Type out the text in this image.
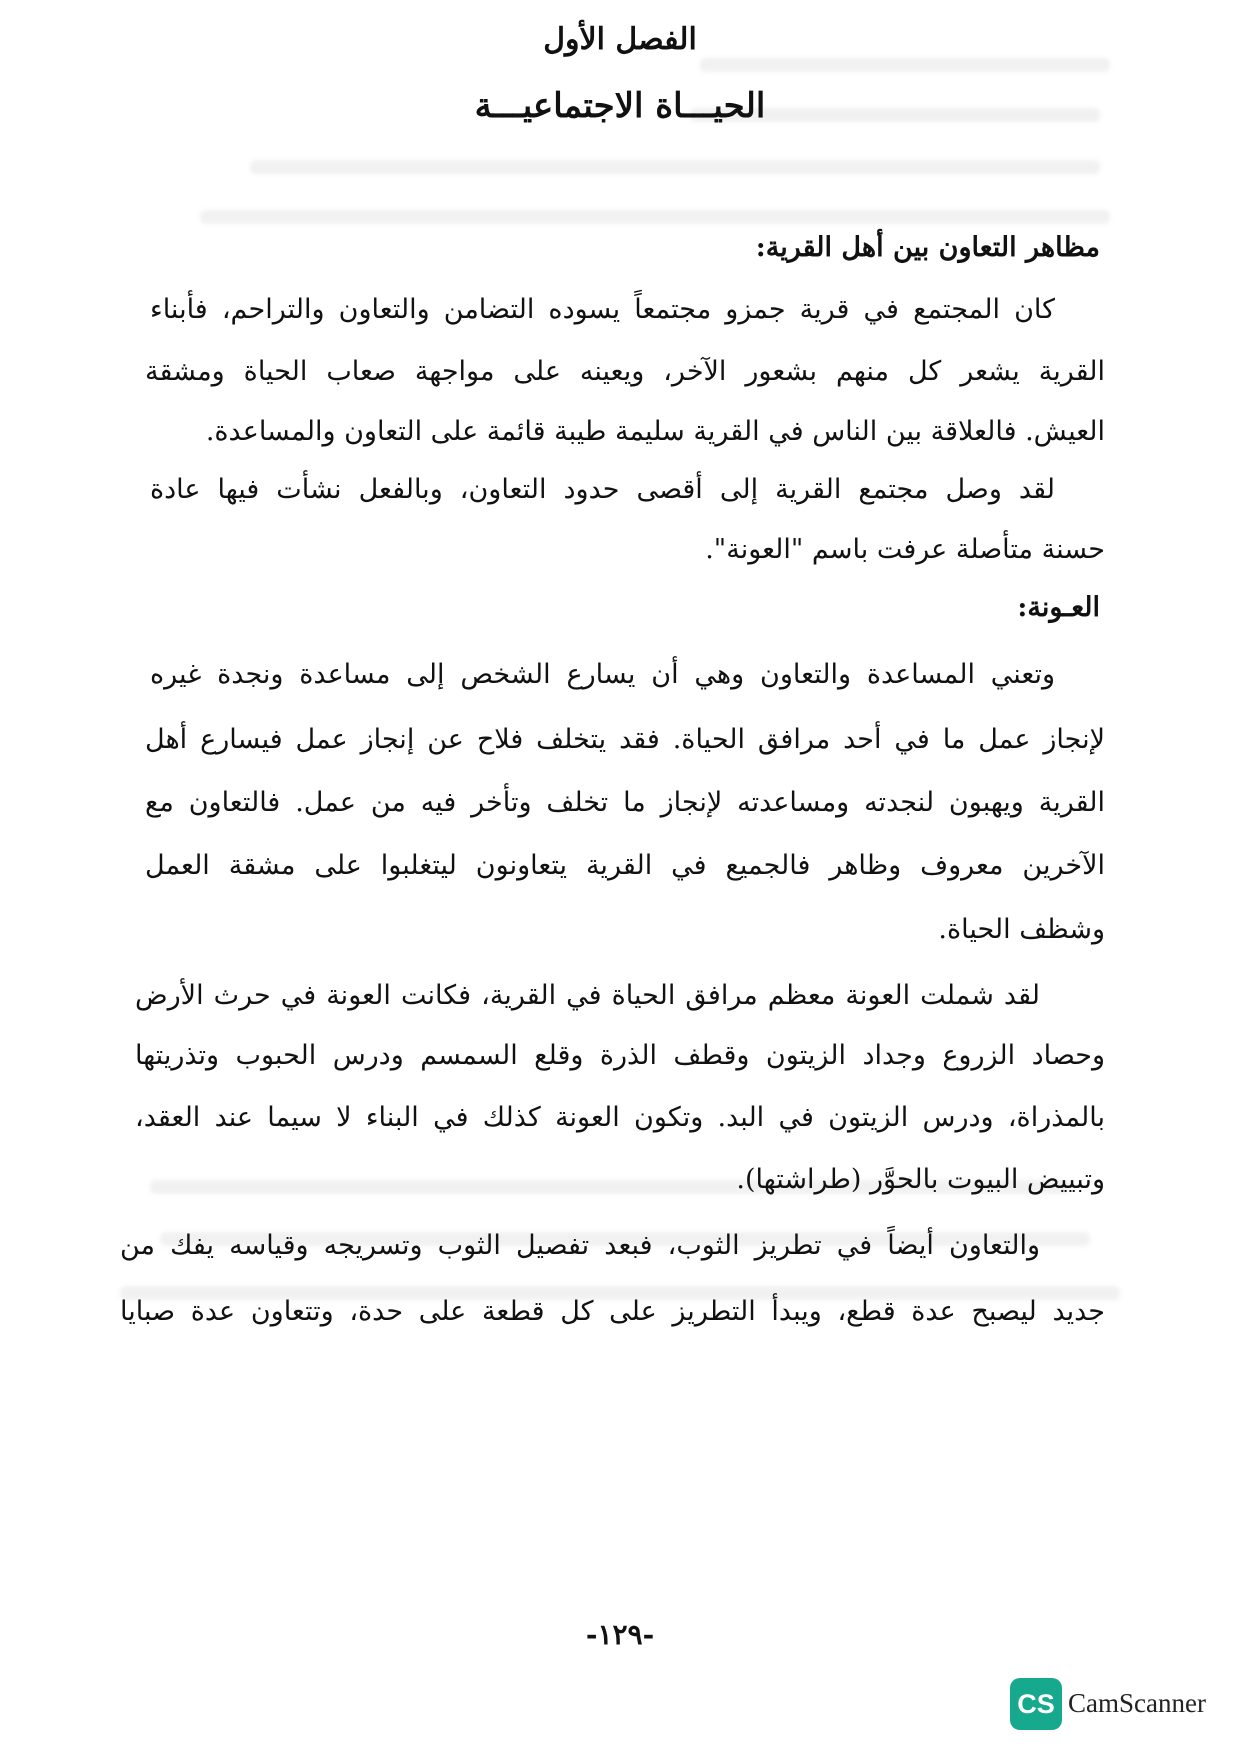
الفصل الأول
الحيـــاة الاجتماعيـــة
مظاهر التعاون بين أهل القرية:
كان المجتمع في قرية جمزو مجتمعاً يسوده التضامن والتعاون والتراحم، فأبناء
القرية يشعر كل منهم بشعور الآخر، ويعينه على مواجهة صعاب الحياة ومشقة
العيش. فالعلاقة بين الناس في القرية سليمة طيبة قائمة على التعاون والمساعدة.
لقد وصل مجتمع القرية إلى أقصى حدود التعاون، وبالفعل نشأت فيها عادة
حسنة متأصلة عرفت باسم "العونة".
العـونة:
وتعني المساعدة والتعاون وهي أن يسارع الشخص إلى مساعدة ونجدة غيره
لإنجاز عمل ما في أحد مرافق الحياة. فقد يتخلف فلاح عن إنجاز عمل فيسارع أهل
القرية ويهبون لنجدته ومساعدته لإنجاز ما تخلف وتأخر فيه من عمل. فالتعاون مع
الآخرين معروف وظاهر فالجميع في القرية يتعاونون ليتغلبوا على مشقة العمل
وشظف الحياة.
لقد شملت العونة معظم مرافق الحياة في القرية، فكانت العونة في حرث الأرض
وحصاد الزروع وجداد الزيتون وقطف الذرة وقلع السمسم ودرس الحبوب وتذريتها
بالمذراة، ودرس الزيتون في البد. وتكون العونة كذلك في البناء لا سيما عند العقد،
وتبييض البيوت بالحوَّر (طراشتها).
والتعاون أيضاً في تطريز الثوب، فبعد تفصيل الثوب وتسريجه وقياسه يفك من
جديد ليصبح عدة قطع، ويبدأ التطريز على كل قطعة على حدة، وتتعاون عدة صبايا
-١٢٩-
CS CamScanner
